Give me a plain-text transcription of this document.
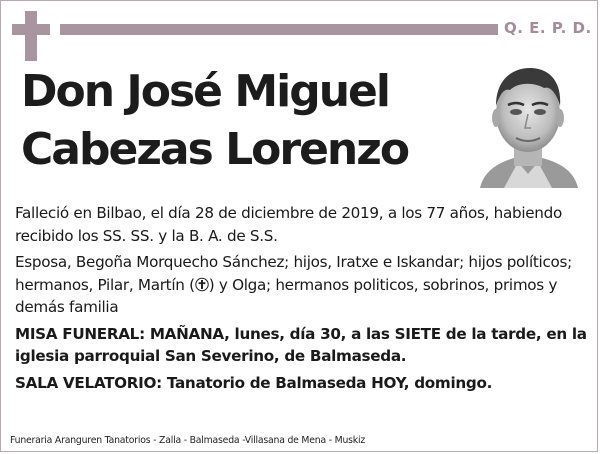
Q. E. P. D.
Don José Miguel
Cabezas Lorenzo

Falleció en Bilbao, el día 28 de diciembre de 2019, a los 77 años, habiendo recibido los SS. SS. y la B. A. de S.S.

Esposa, Begoña Morquecho Sánchez; hijos, Iratxe e Iskandar; hijos políticos; hermanos, Pilar, Martín ( ) y Olga; hermanos politicos, sobrinos, primos y demás familia

MISA FUNERAL: MAÑANA, lunes, día 30, a las SIETE de la tarde, en la iglesia parroquial San Severino, de Balmaseda.

SALA VELATORIO: Tanatorio de Balmaseda HOY, domingo.

Funeraria Aranguren Tanatorios - Zalla - Balmaseda -Villasana de Mena - Muskiz
